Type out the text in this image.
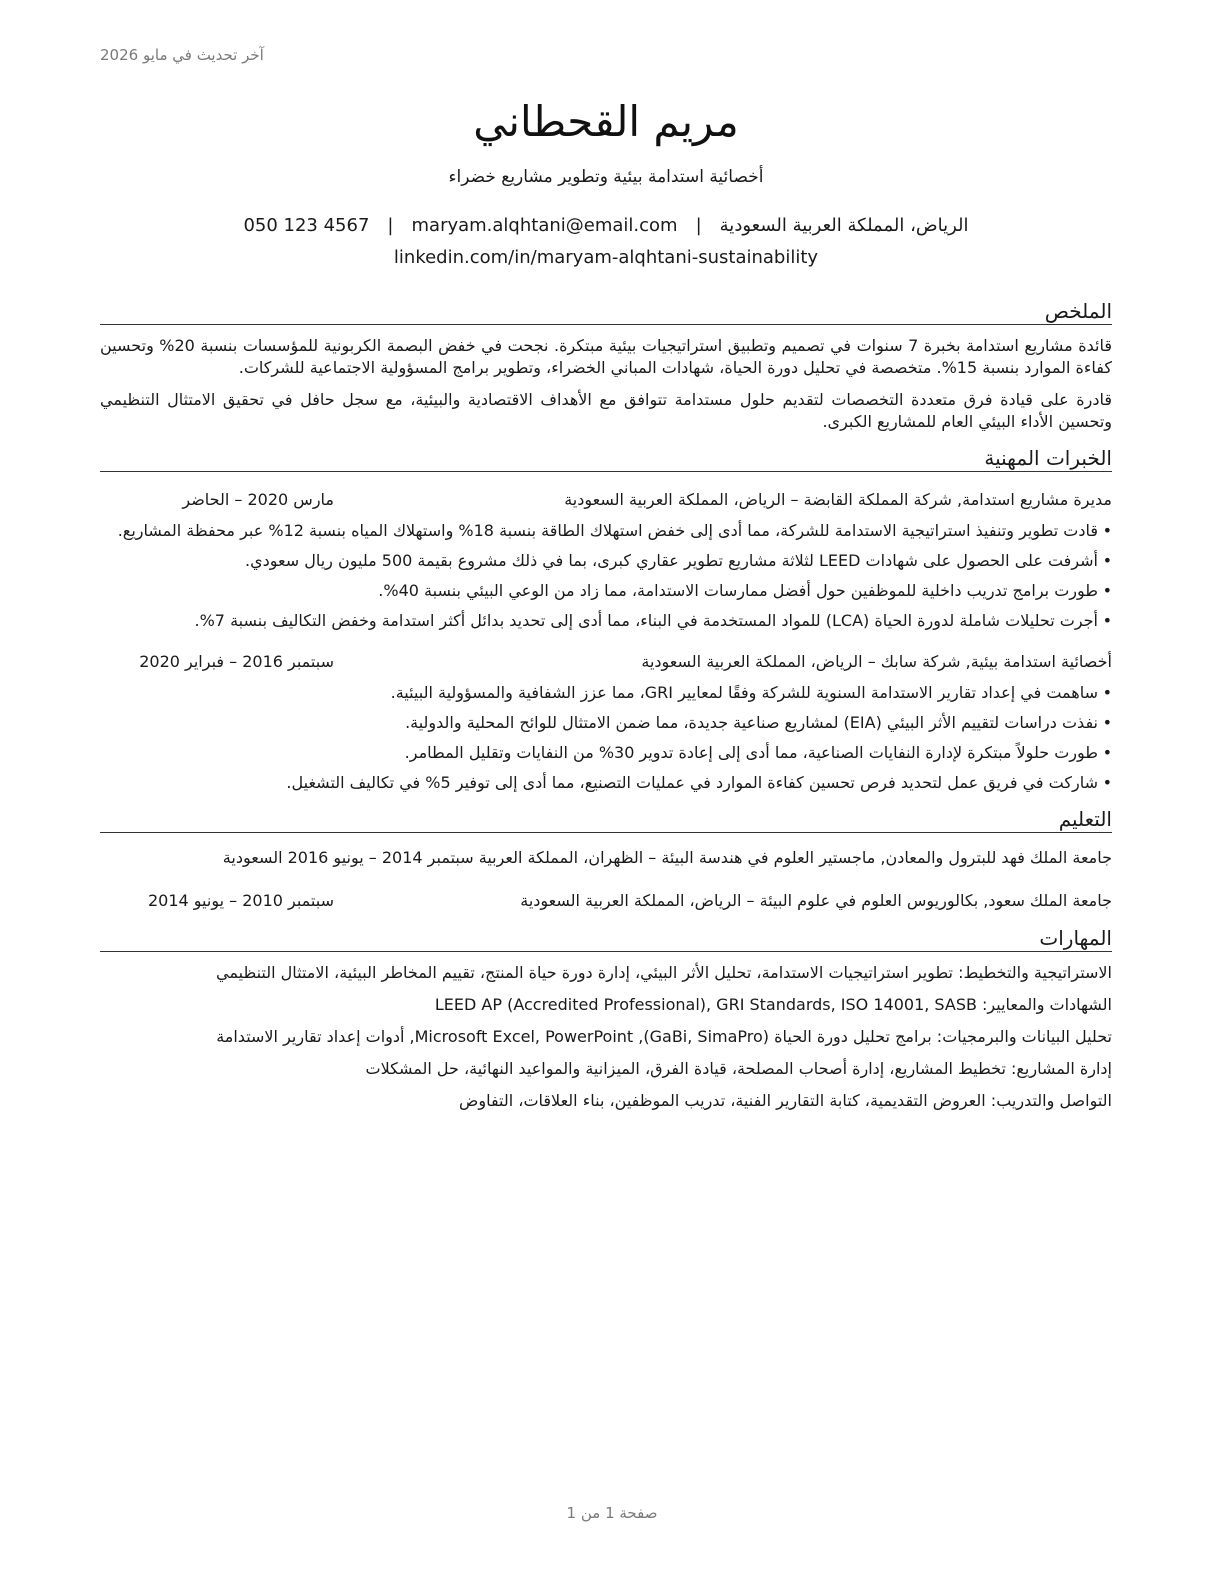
آخر تحديث في مايو 2026
مريم القحطاني
أخصائية استدامة بيئية وتطوير مشاريع خضراء
الرياض، المملكة العربية السعودية|maryam.alqhtani@email.com|050 123 4567
linkedin.com/in/maryam-alqhtani-sustainability
الملخص

قائدة مشاريع استدامة بخبرة 7 سنوات في تصميم وتطبيق استراتيجيات بيئية مبتكرة. نجحت في خفض البصمة الكربونية للمؤسسات بنسبة 20% وتحسين كفاءة الموارد بنسبة 15%. متخصصة في تحليل دورة الحياة، شهادات المباني الخضراء، وتطوير برامج المسؤولية الاجتماعية للشركات.

قادرة على قيادة فرق متعددة التخصصات لتقديم حلول مستدامة تتوافق مع الأهداف الاقتصادية والبيئية، مع سجل حافل في تحقيق الامتثال التنظيمي وتحسين الأداء البيئي العام للمشاريع الكبرى.

الخبرات المهنية
مديرة مشاريع استدامة, شركة المملكة القابضة – الرياض، المملكة العربية السعودية
مارس 2020 – الحاضر
• قادت تطوير وتنفيذ استراتيجية الاستدامة للشركة، مما أدى إلى خفض استهلاك الطاقة بنسبة 18% واستهلاك المياه بنسبة 12% عبر محفظة المشاريع.
• أشرفت على الحصول على شهادات LEED لثلاثة مشاريع تطوير عقاري كبرى، بما في ذلك مشروع بقيمة 500 مليون ريال سعودي.
• طورت برامج تدريب داخلية للموظفين حول أفضل ممارسات الاستدامة، مما زاد من الوعي البيئي بنسبة 40%.
• أجرت تحليلات شاملة لدورة الحياة (LCA) للمواد المستخدمة في البناء، مما أدى إلى تحديد بدائل أكثر استدامة وخفض التكاليف بنسبة 7%.
أخصائية استدامة بيئية, شركة سابك – الرياض، المملكة العربية السعودية
سبتمبر 2016 – فبراير 2020
• ساهمت في إعداد تقارير الاستدامة السنوية للشركة وفقًا لمعايير GRI، مما عزز الشفافية والمسؤولية البيئية.
• نفذت دراسات لتقييم الأثر البيئي (EIA) لمشاريع صناعية جديدة، مما ضمن الامتثال للوائح المحلية والدولية.
• طورت حلولاً مبتكرة لإدارة النفايات الصناعية، مما أدى إلى إعادة تدوير 30% من النفايات وتقليل المطامر.
• شاركت في فريق عمل لتحديد فرص تحسين كفاءة الموارد في عمليات التصنيع، مما أدى إلى توفير 5% في تكاليف التشغيل.
التعليم
جامعة الملك فهد للبترول والمعادن, ماجستير العلوم في هندسة البيئة – الظهران، المملكة العربية سبتمبر 2014 – يونيو 2016 السعودية
جامعة الملك سعود, بكالوريوس العلوم في علوم البيئة – الرياض، المملكة العربية السعودية
سبتمبر 2010 – يونيو 2014
المهارات
الاستراتيجية والتخطيط: تطوير استراتيجيات الاستدامة، تحليل الأثر البيئي، إدارة دورة حياة المنتج، تقييم المخاطر البيئية، الامتثال التنظيمي
الشهادات والمعايير: LEED AP (Accredited Professional), GRI Standards, ISO 14001, SASB
تحليل البيانات والبرمجيات: برامج تحليل دورة الحياة (GaBi, SimaPro), Microsoft Excel, PowerPoint, أدوات إعداد تقارير الاستدامة
إدارة المشاريع: تخطيط المشاريع، إدارة أصحاب المصلحة، قيادة الفرق، الميزانية والمواعيد النهائية، حل المشكلات
التواصل والتدريب: العروض التقديمية، كتابة التقارير الفنية، تدريب الموظفين، بناء العلاقات، التفاوض
صفحة 1 من 1
